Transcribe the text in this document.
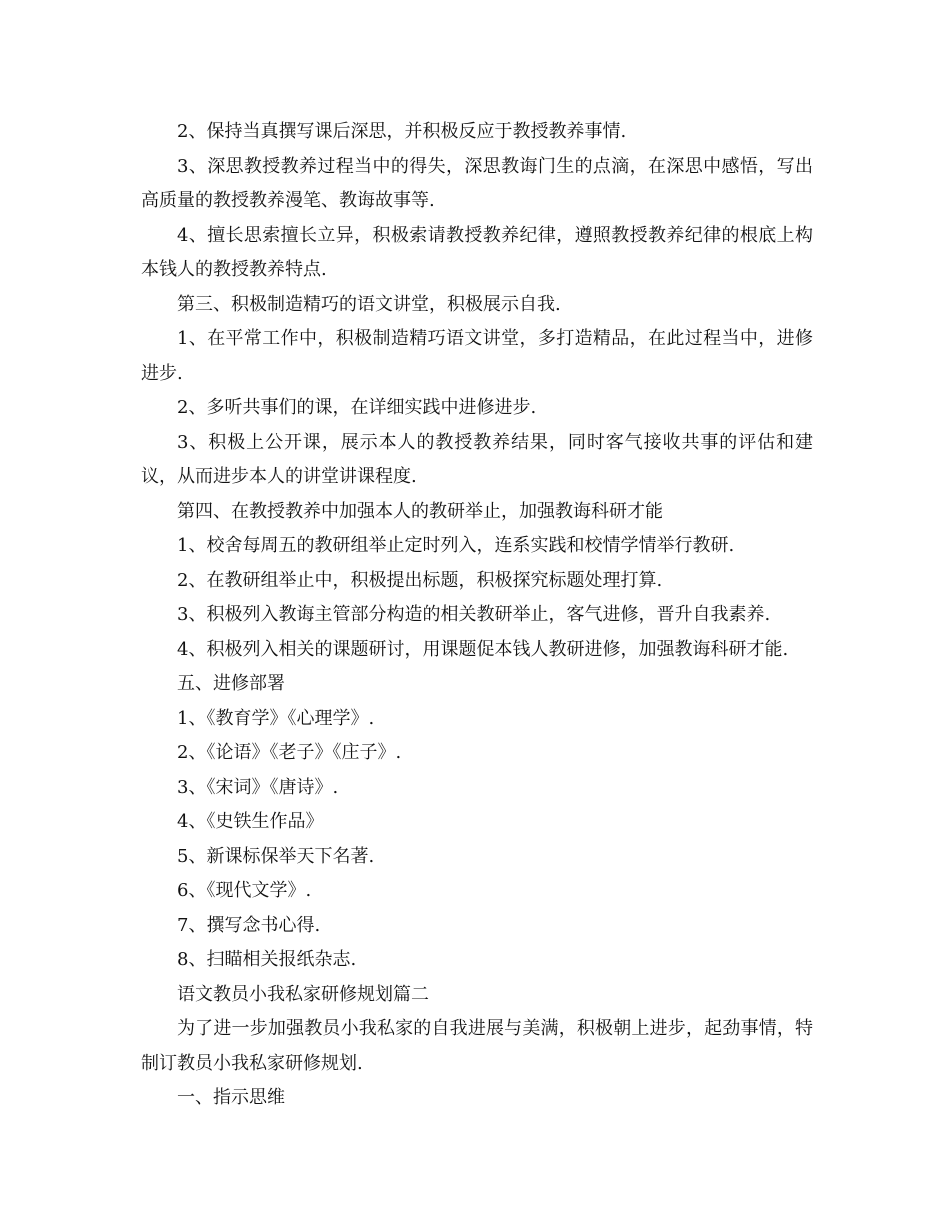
2、保持当真撰写课后深思，并积极反应于教授教养事情.

3、深思教授教养过程当中的得失，深思教诲门生的点滴，在深思中感悟，写出高质量的教授教养漫笔、教诲故事等.

4、擅长思索擅长立异，积极索请教授教养纪律，遵照教授教养纪律的根底上构本钱人的教授教养特点.

第三、积极制造精巧的语文讲堂，积极展示自我.

1、在平常工作中，积极制造精巧语文讲堂，多打造精品，在此过程当中，进修进步.

2、多听共事们的课，在详细实践中进修进步.

3、积极上公开课，展示本人的教授教养结果，同时客气接收共事的评估和建议，从而进步本人的讲堂讲课程度.

第四、在教授教养中加强本人的教研举止，加强教诲科研才能

1、校舍每周五的教研组举止定时列入，连系实践和校情学情举行教研.

2、在教研组举止中，积极提出标题，积极探究标题处理打算.

3、积极列入教诲主管部分构造的相关教研举止，客气进修，晋升自我素养.

4、积极列入相关的课题研讨，用课题促本钱人教研进修，加强教诲科研才能.

五、进修部署

1、《教育学》《心理学》.

2、《论语》《老子》《庄子》.

3、《宋词》《唐诗》.

4、《史铁生作品》

5、新课标保举天下名著.

6、《现代文学》.

7、撰写念书心得.

8、扫瞄相关报纸杂志.

语文教员小我私家研修规划篇二

为了进一步加强教员小我私家的自我进展与美满，积极朝上进步，起劲事情，特制订教员小我私家研修规划.

一、指示思维
